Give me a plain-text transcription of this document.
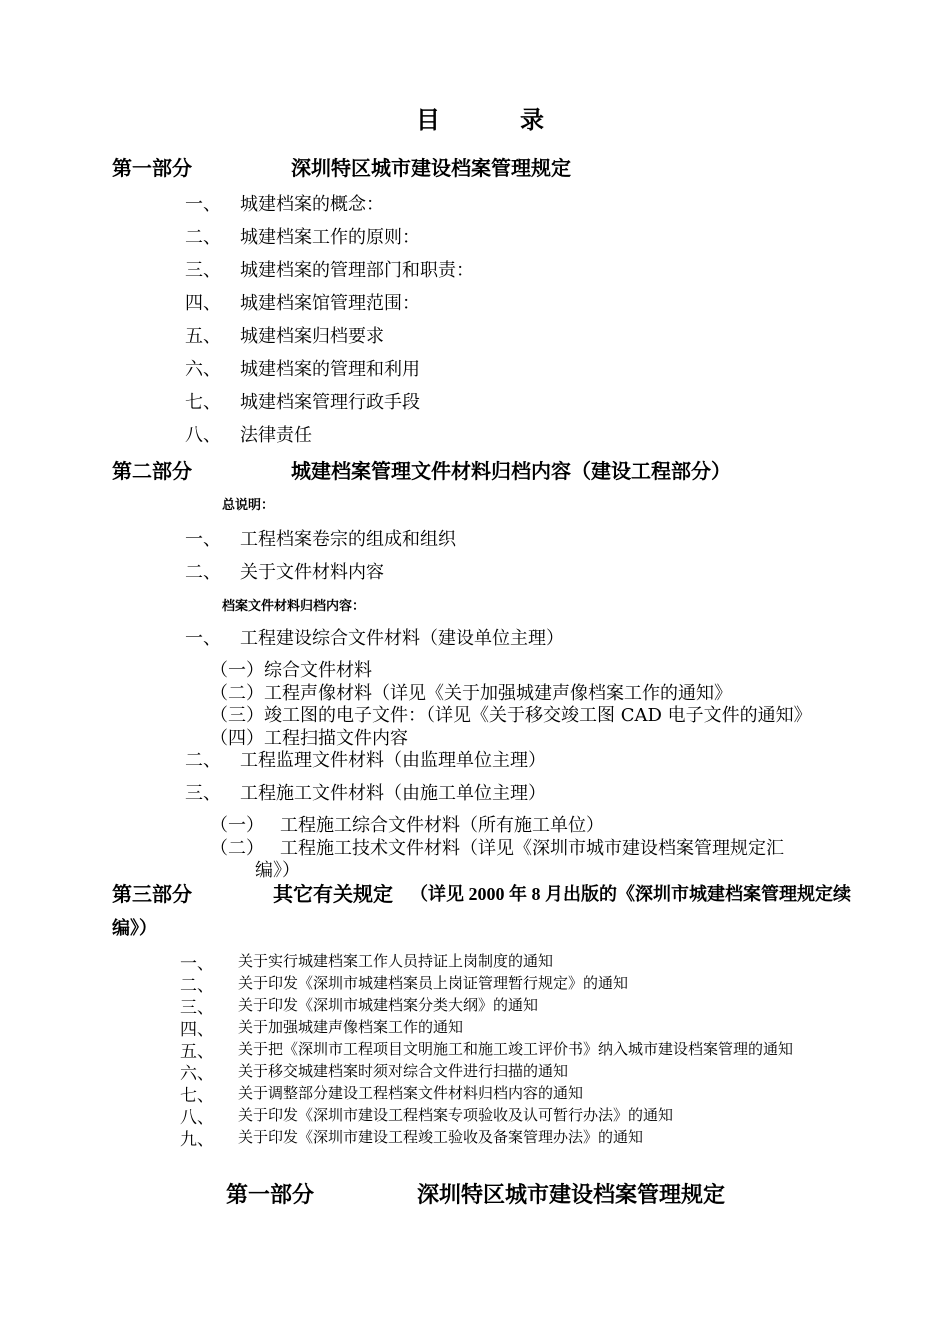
目	录
第一部分	深圳特区城市建设档案管理规定
一、 城建档案的概念：
二、 城建档案工作的原则：
三、 城建档案的管理部门和职责：
四、 城建档案馆管理范围：
五、 城建档案归档要求
六、 城建档案的管理和利用
七、 城建档案管理行政手段
八、 法律责任
第二部分	城建档案管理文件材料归档内容（建设工程部分）
总说明：
一、 工程档案卷宗的组成和组织
二、 关于文件材料内容
档案文件材料归档内容：
一、 工程建设综合文件材料（建设单位主理）
（一）综合文件材料
（二）工程声像材料（详见《关于加强城建声像档案工作的通知》
（三）竣工图的电子文件：（详见《关于移交竣工图 CAD 电子文件的通知》
（四）工程扫描文件内容
二、 工程监理文件材料（由监理单位主理）
三、 工程施工文件材料（由施工单位主理）
（一） 工程施工综合文件材料（所有施工单位）
（二） 工程施工技术文件材料（详见《深圳市城市建设档案管理规定汇
编》）
第三部分	其它有关规定 （详见 2000 年 8 月出版的《深圳市城建档案管理规定续
编》）
一、 关于实行城建档案工作人员持证上岗制度的通知
二、 关于印发《深圳市城建档案员上岗证管理暂行规定》的通知
三、 关于印发《深圳市城建档案分类大纲》的通知
四、 关于加强城建声像档案工作的通知
五、 关于把《深圳市工程项目文明施工和施工竣工评价书》纳入城市建设档案管理的通知
六、 关于移交城建档案时须对综合文件进行扫描的通知
七、 关于调整部分建设工程档案文件材料归档内容的通知
八、 关于印发《深圳市建设工程档案专项验收及认可暂行办法》的通知
九、 关于印发《深圳市建设工程竣工验收及备案管理办法》的通知
第一部分	深圳特区城市建设档案管理规定
